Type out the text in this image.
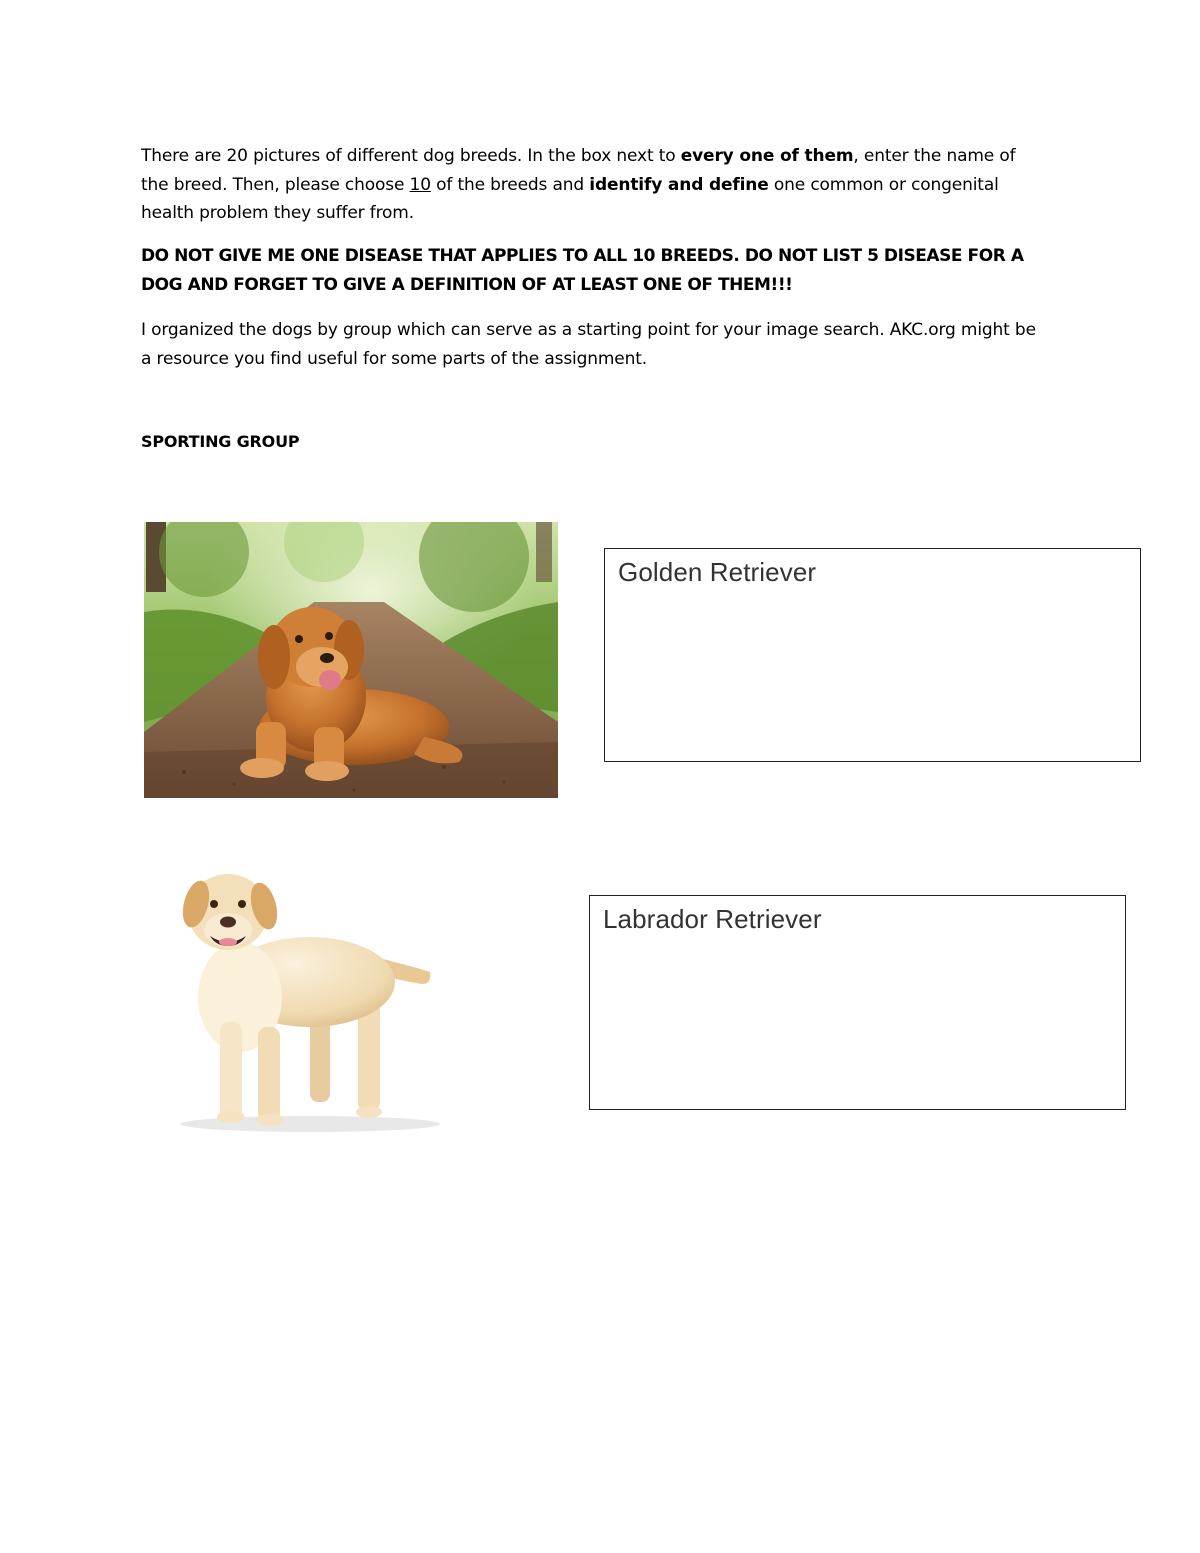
There are 20 pictures of different dog breeds. In the box next to every one of them, enter the name of the breed. Then, please choose 10 of the breeds and identify and define one common or congenital health problem they suffer from.

DO NOT GIVE ME ONE DISEASE THAT APPLIES TO ALL 10 BREEDS. DO NOT LIST 5 DISEASE FOR A DOG AND FORGET TO GIVE A DEFINITION OF AT LEAST ONE OF THEM!!!

I organized the dogs by group which can serve as a starting point for your image search. AKC.org might be a resource you find useful for some parts of the assignment.

SPORTING GROUP

Golden Retriever
Labrador Retriever
